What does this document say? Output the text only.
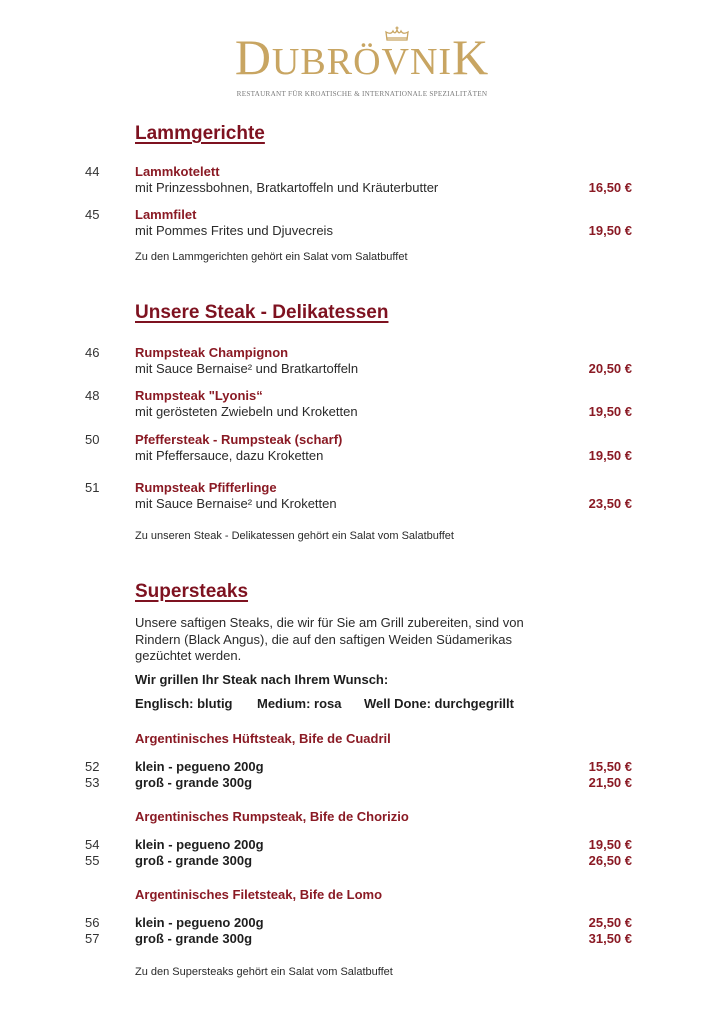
DUBRÖVNIK
RESTAURANT FÜR KROATISCHE & INTERNATIONALE SPEZIALITÄTEN
Lammgerichte
44	Lammkotelett
mit Prinzessbohnen, Bratkartoffeln und Kräuterbutter	16,50 €
45	Lammfilet
mit Pommes Frites und Djuvecreis	19,50 €
Zu den Lammgerichten gehört ein Salat vom Salatbuffet
Unsere Steak - Delikatessen
46	Rumpsteak Champignon
mit Sauce Bernaise² und Bratkartoffeln	20,50 €
48	Rumpsteak "Lyonis“
mit gerösteten Zwiebeln und Kroketten	19,50 €
50	Pfeffersteak - Rumpsteak (scharf)
mit Pfeffersauce, dazu Kroketten	19,50 €
51	Rumpsteak Pfifferlinge
mit Sauce Bernaise² und Kroketten	23,50 €
Zu unseren Steak - Delikatessen gehört ein Salat vom Salatbuffet
Supersteaks
Unsere saftigen Steaks, die wir für Sie am Grill zubereiten, sind von Rindern (Black Angus), die auf den saftigen Weiden Südamerikas gezüchtet werden.
Wir grillen Ihr Steak nach Ihrem Wunsch:
Englisch: blutig Medium: rosa Well Done: durchgegrillt
Argentinisches Hüftsteak, Bife de Cuadril
52	klein - pegueno 200g	15,50 €
53	groß - grande 300g	21,50 €
Argentinisches Rumpsteak, Bife de Chorizio
54	klein - pegueno 200g	19,50 €
55	groß - grande 300g	26,50 €
Argentinisches Filetsteak, Bife de Lomo
56	klein - pegueno 200g	25,50 €
57	groß - grande 300g	31,50 €
Zu den Supersteaks gehört ein Salat vom Salatbuffet
